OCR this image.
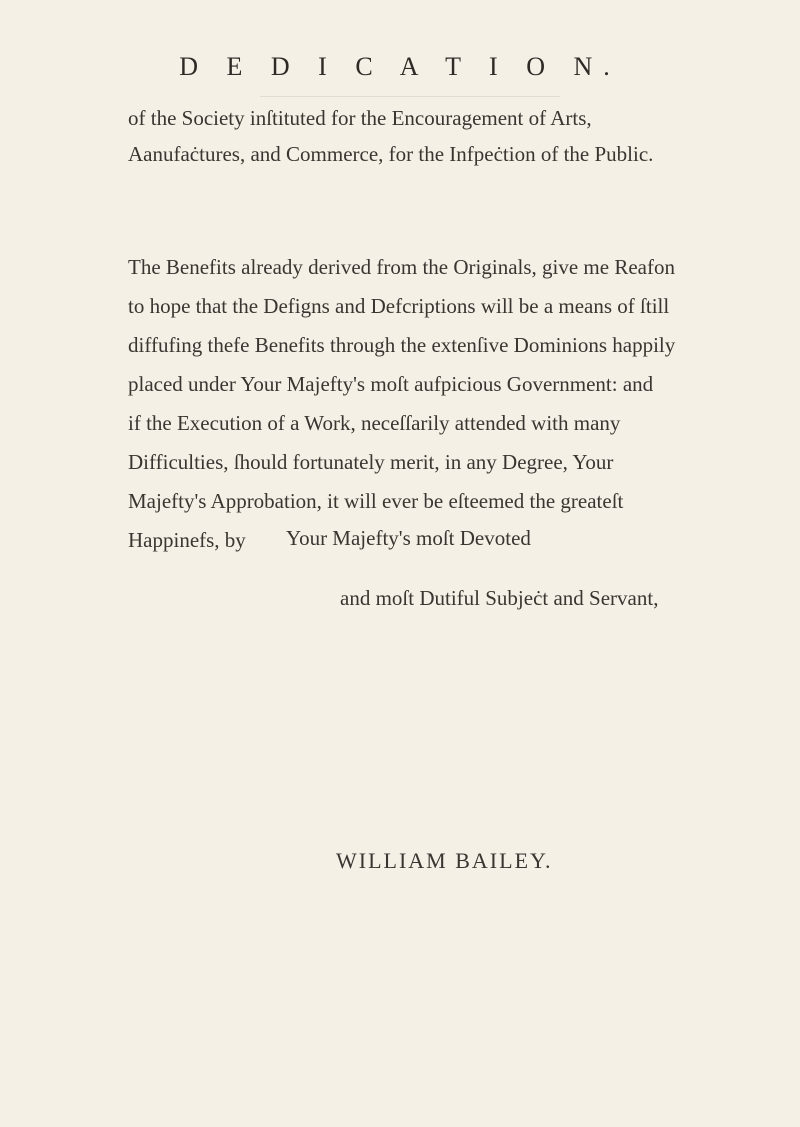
D E D I C A T I O N.
of the Society inſtituted for the Encouragement of Arts,
Aanufaċtures, and Commerce, for the Infpeċtion of the Public.
The Benefits already derived from the Originals, give me Reafon
to hope that the Defigns and Defcriptions will be a means of ſtill
diffufing thefe Benefits through the extenſive Dominions happily
placed under Your Majefty's moſt aufpicious Government: and
if the Execution of a Work, neceſſarily attended with many
Difficulties, ſhould fortunately merit, in any Degree, Your
Majefty's Approbation, it will ever be eſteemed the greateſt
Happinefs, by	Your Majefty's moſt Devoted
and moſt Dutiful Subjeċt and Servant,
WILLIAM BAILEY.
